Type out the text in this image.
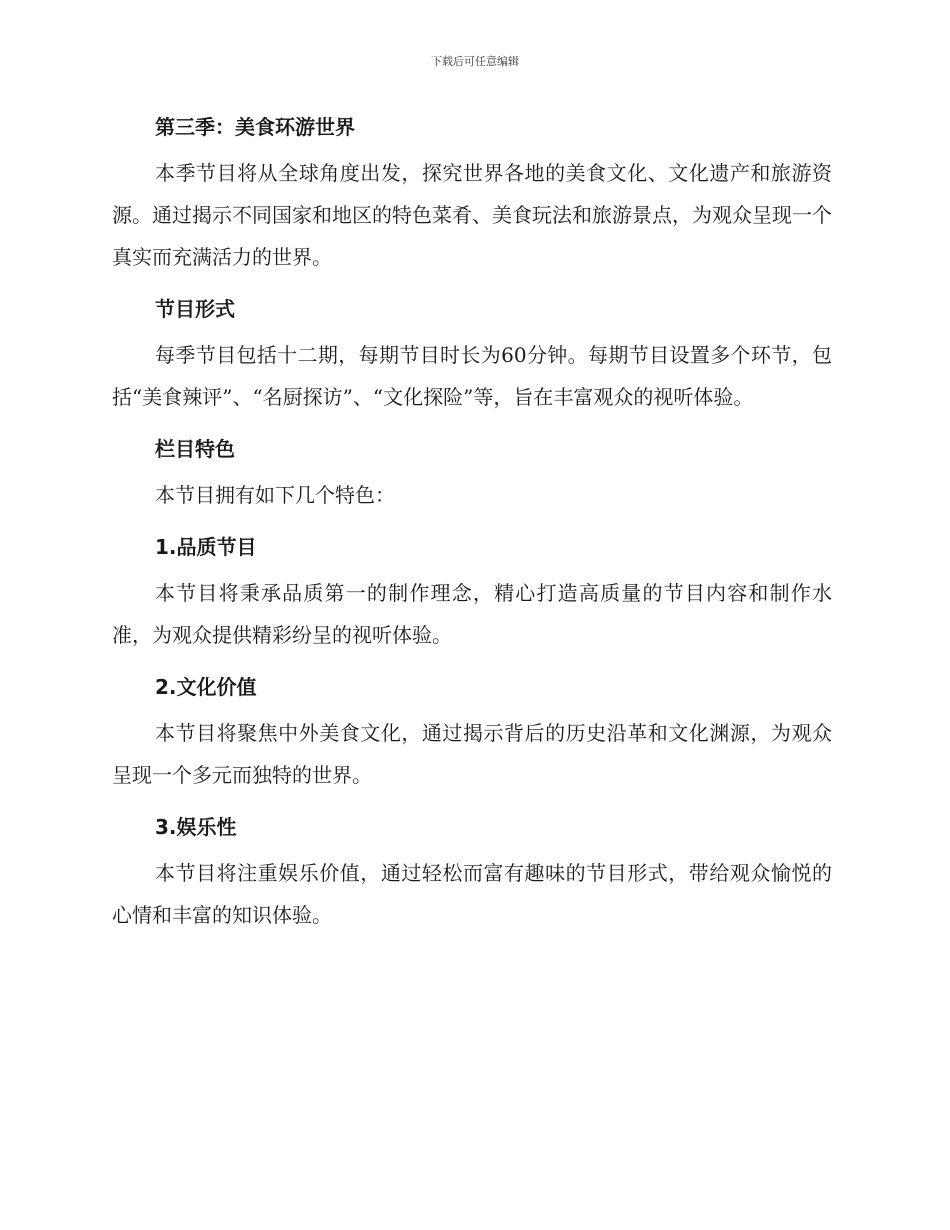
下载后可任意编辑
第三季：美食环游世界

本季节目将从全球角度出发，探究世界各地的美食文化、文化遗产和旅游资源。通过揭示不同国家和地区的特色菜肴、美食玩法和旅游景点，为观众呈现一个真实而充满活力的世界。

节目形式

每季节目包括十二期，每期节目时长为60分钟。每期节目设置多个环节，包括“美食辣评”、“名厨探访”、“文化探险”等，旨在丰富观众的视听体验。

栏目特色

本节目拥有如下几个特色：

1.品质节目

本节目将秉承品质第一的制作理念，精心打造高质量的节目内容和制作水准，为观众提供精彩纷呈的视听体验。

2.文化价值

本节目将聚焦中外美食文化，通过揭示背后的历史沿革和文化渊源，为观众呈现一个多元而独特的世界。

3.娱乐性

本节目将注重娱乐价值，通过轻松而富有趣味的节目形式，带给观众愉悦的心情和丰富的知识体验。
